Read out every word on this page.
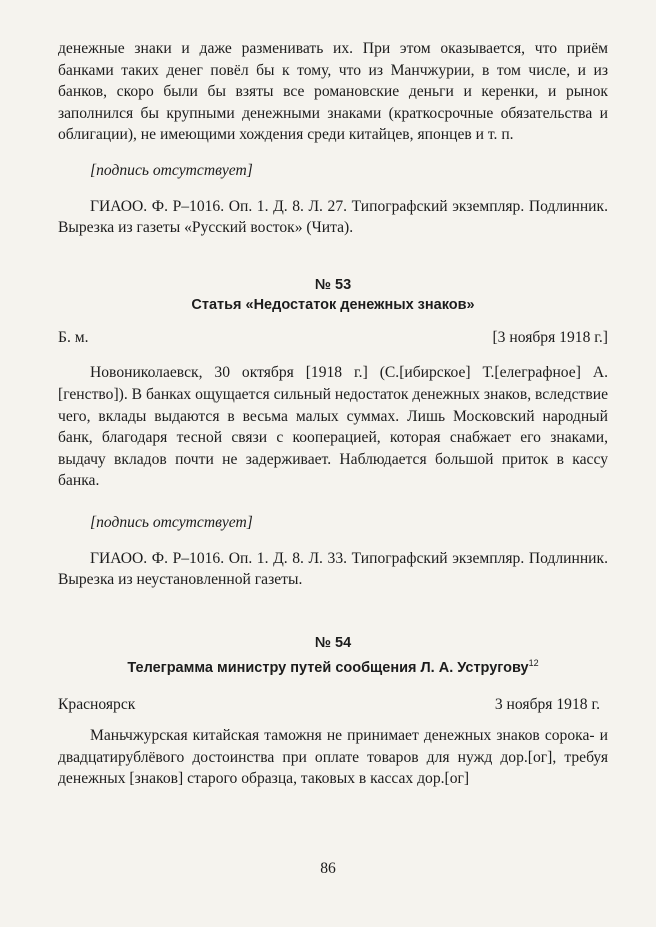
денежные знаки и даже разменивать их. При этом оказывается, что приём банками таких денег повёл бы к тому, что из Манчжурии, в том числе, и из банков, скоро были бы взяты все романовские деньги и керенки, и рынок заполнился бы крупными денежными знаками (краткосрочные обязательства и облигации), не имеющими хождения среди китайцев, японцев и т. п.

[подпись отсутствует]

ГИАОО. Ф. Р–1016. Оп. 1. Д. 8. Л. 27. Типографский экземпляр. Подлинник. Вырезка из газеты «Русский восток» (Чита).

№ 53

Статья «Недостаток денежных знаков»

Б. м.	[3 ноября 1918 г.]

Новониколаевск, 30 октября [1918 г.] (С.[ибирское] Т.[елеграфное] А.[генство]). В банках ощущается сильный недостаток денежных знаков, вследствие чего, вклады выдаются в весьма малых суммах. Лишь Московский народный банк, благодаря тесной связи с кооперацией, которая снабжает его знаками, выдачу вкладов почти не задерживает. Наблюдается большой приток в кассу банка.

[подпись отсутствует]

ГИАОО. Ф. Р–1016. Оп. 1. Д. 8. Л. 33. Типографский экземпляр. Подлинник. Вырезка из неустановленной газеты.

№ 54

Телеграмма министру путей сообщения Л. А. Устругову$^{12}$

Красноярск	3 ноября 1918 г.

Маньчжурская китайская таможня не принимает денежных знаков сорока- и двадцатирублёвого достоинства при оплате товаров для нужд дор.[ог], требуя денежных [знаков] старого образца, таковых в кассах дор.[ог]

86
